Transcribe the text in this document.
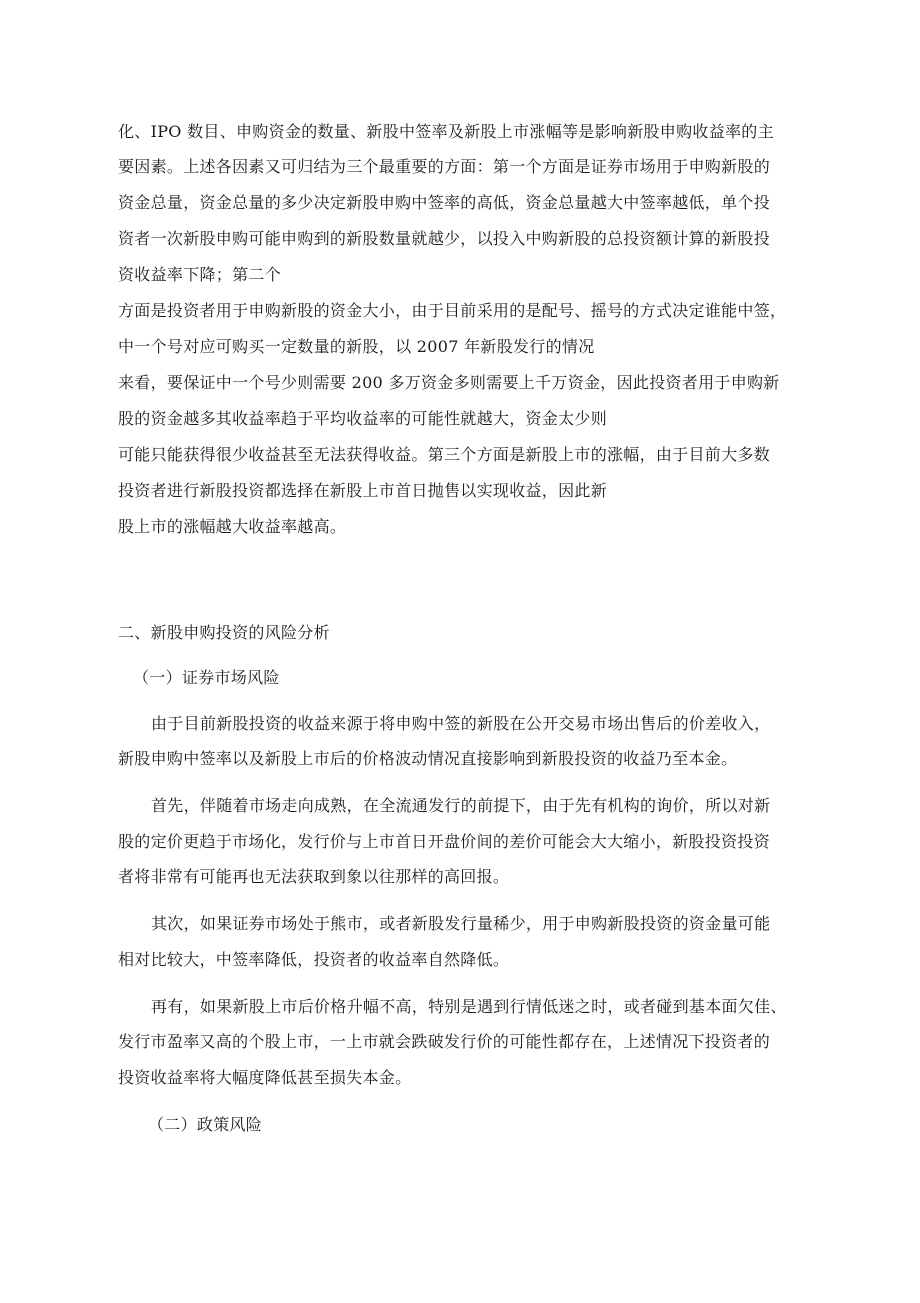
化、IPO 数目、申购资金的数量、新股中签率及新股上市涨幅等是影响新股申购收益率的主
要因素。上述各因素又可归结为三个最重要的方面：第一个方面是证券市场用于申购新股的
资金总量，资金总量的多少决定新股申购中签率的高低，资金总量越大中签率越低，单个投
资者一次新股申购可能申购到的新股数量就越少，以投入中购新股的总投资额计算的新股投
资收益率下降；第二个
方面是投资者用于申购新股的资金大小，由于目前采用的是配号、摇号的方式决定谁能中签，
中一个号对应可购买一定数量的新股，以 2007 年新股发行的情况
来看，要保证中一个号少则需要 200 多万资金多则需要上千万资金，因此投资者用于申购新
股的资金越多其收益率趋于平均收益率的可能性就越大，资金太少则
可能只能获得很少收益甚至无法获得收益。第三个方面是新股上市的涨幅，由于目前大多数
投资者进行新股投资都选择在新股上市首日抛售以实现收益，因此新
股上市的涨幅越大收益率越高。
二、新股申购投资的风险分析
（一）证券市场风险
由于目前新股投资的收益来源于将申购中签的新股在公开交易市场出售后的价差收入，
新股申购中签率以及新股上市后的价格波动情况直接影响到新股投资的收益乃至本金。
首先，伴随着市场走向成熟，在全流通发行的前提下，由于先有机构的询价，所以对新
股的定价更趋于市场化，发行价与上市首日开盘价间的差价可能会大大缩小，新股投资投资
者将非常有可能再也无法获取到象以往那样的高回报。
其次，如果证券市场处于熊市，或者新股发行量稀少，用于申购新股投资的资金量可能
相对比较大，中签率降低，投资者的收益率自然降低。
再有，如果新股上市后价格升幅不高，特别是遇到行情低迷之时，或者碰到基本面欠佳、
发行市盈率又高的个股上市，一上市就会跌破发行价的可能性都存在，上述情况下投资者的
投资收益率将大幅度降低甚至损失本金。
（二）政策风险
